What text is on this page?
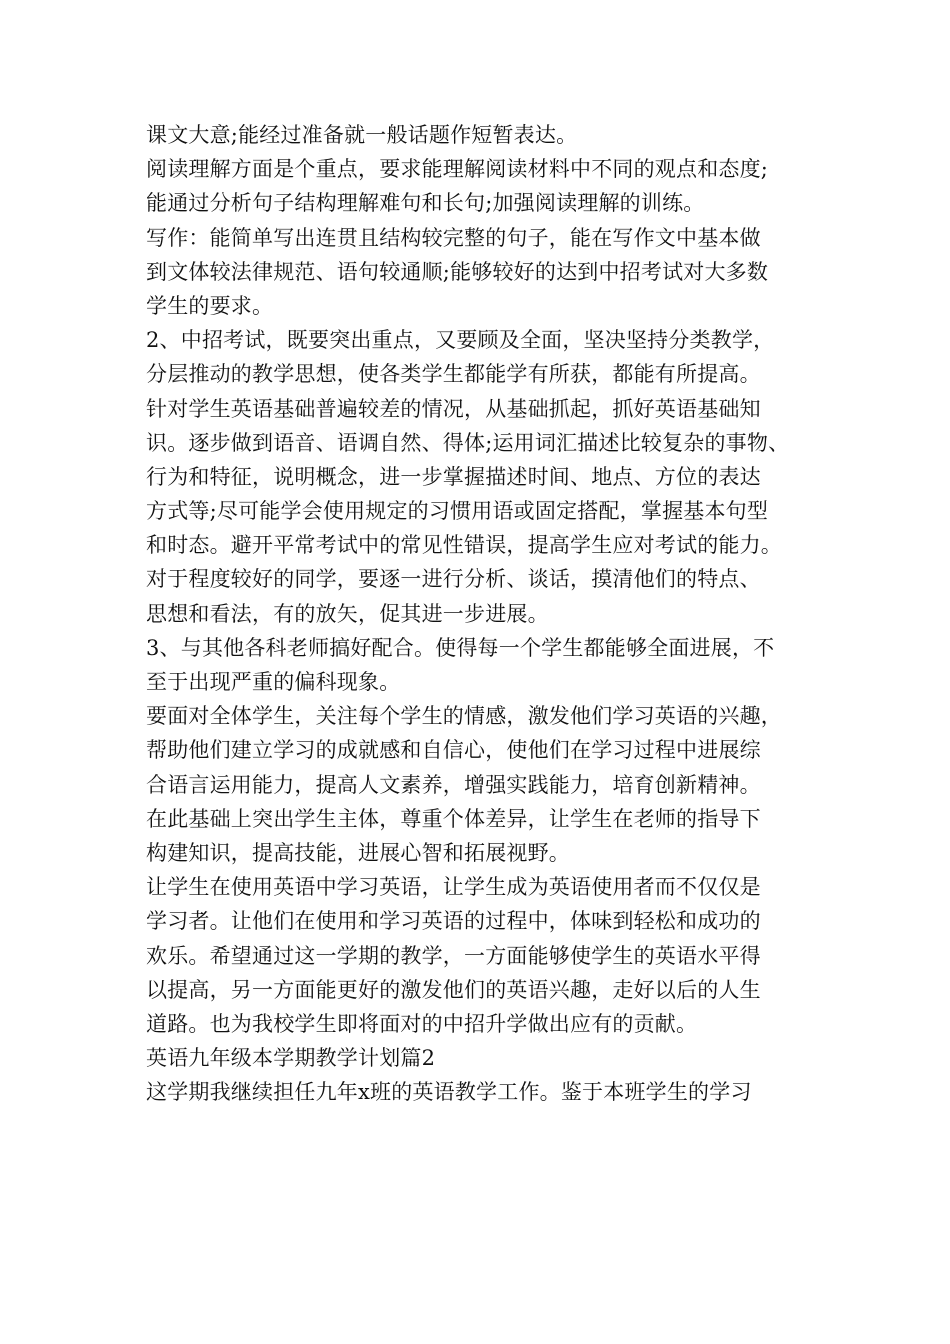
课文大意;能经过准备就一般话题作短暂表达。
阅读理解方面是个重点，要求能理解阅读材料中不同的观点和态度;
能通过分析句子结构理解难句和长句;加强阅读理解的训练。
写作：能简单写出连贯且结构较完整的句子，能在写作文中基本做
到文体较法律规范、语句较通顺;能够较好的达到中招考试对大多数
学生的要求。
2、中招考试，既要突出重点，又要顾及全面，坚决坚持分类教学，
分层推动的教学思想，使各类学生都能学有所获，都能有所提高。
针对学生英语基础普遍较差的情况，从基础抓起，抓好英语基础知
识。逐步做到语音、语调自然、得体;运用词汇描述比较复杂的事物、
行为和特征，说明概念，进一步掌握描述时间、地点、方位的表达
方式等;尽可能学会使用规定的习惯用语或固定搭配，掌握基本句型
和时态。避开平常考试中的常见性错误，提高学生应对考试的能力。
对于程度较好的同学，要逐一进行分析、谈话，摸清他们的特点、
思想和看法，有的放矢，促其进一步进展。
3、与其他各科老师搞好配合。使得每一个学生都能够全面进展，不
至于出现严重的偏科现象。
要面对全体学生，关注每个学生的情感，激发他们学习英语的兴趣，
帮助他们建立学习的成就感和自信心，使他们在学习过程中进展综
合语言运用能力，提高人文素养，增强实践能力，培育创新精神。
在此基础上突出学生主体，尊重个体差异，让学生在老师的指导下
构建知识，提高技能，进展心智和拓展视野。
让学生在使用英语中学习英语，让学生成为英语使用者而不仅仅是
学习者。让他们在使用和学习英语的过程中，体味到轻松和成功的
欢乐。希望通过这一学期的教学，一方面能够使学生的英语水平得
以提高，另一方面能更好的激发他们的英语兴趣，走好以后的人生
道路。也为我校学生即将面对的中招升学做出应有的贡献。
英语九年级本学期教学计划篇2
这学期我继续担任九年x班的英语教学工作。鉴于本班学生的学习
